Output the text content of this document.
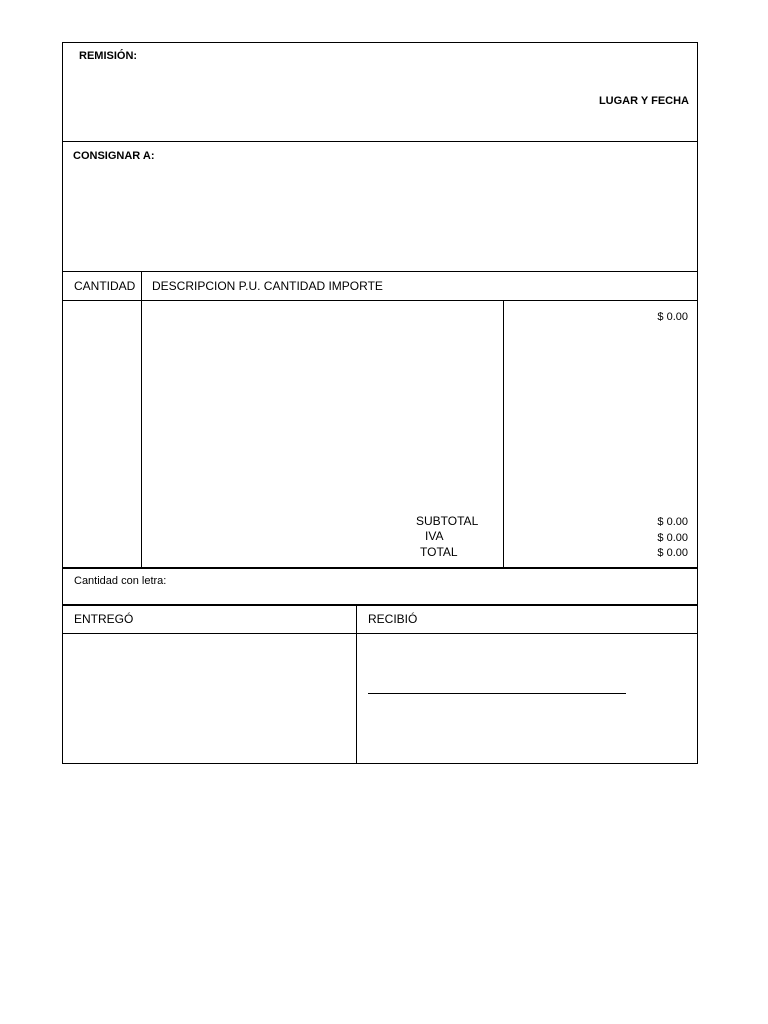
REMISIÓN:
LUGAR Y FECHA
CONSIGNAR A:
CANTIDAD DESCRIPCION P.U. CANTIDAD IMPORTE
$ 0.00
SUBTOTAL
IVA
TOTAL
$ 0.00
$ 0.00
$ 0.00
Cantidad con letra:
ENTREGÓ	RECIBIÓ
